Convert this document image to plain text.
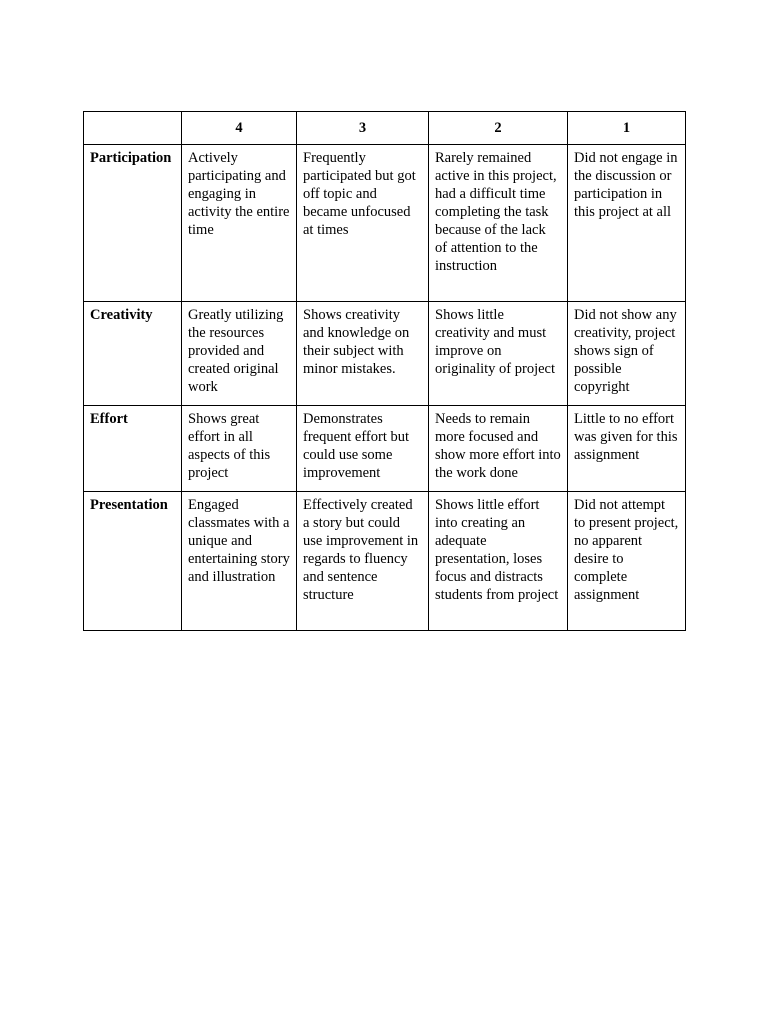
	4	3	2	1
Participation	Actively participating and engaging in activity the entire time	Frequently participated but got off topic and became unfocused at times	Rarely remained active in this project, had a difficult time completing the task because of the lack of attention to the instruction	Did not engage in the discussion or participation in this project at all
Creativity	Greatly utilizing the resources provided and created original work	Shows creativity and knowledge on their subject with minor mistakes.	Shows little creativity and must improve on originality of project	Did not show any creativity, project shows sign of possible copyright
Effort	Shows great effort in all aspects of this project	Demonstrates frequent effort but could use some improvement	Needs to remain more focused and show more effort into the work done	Little to no effort was given for this assignment
Presentation	Engaged classmates with a unique and entertaining story and illustration	Effectively created a story but could use improvement in regards to fluency and sentence structure	Shows little effort into creating an adequate presentation, loses focus and distracts students from project	Did not attempt to present project, no apparent desire to complete assignment
